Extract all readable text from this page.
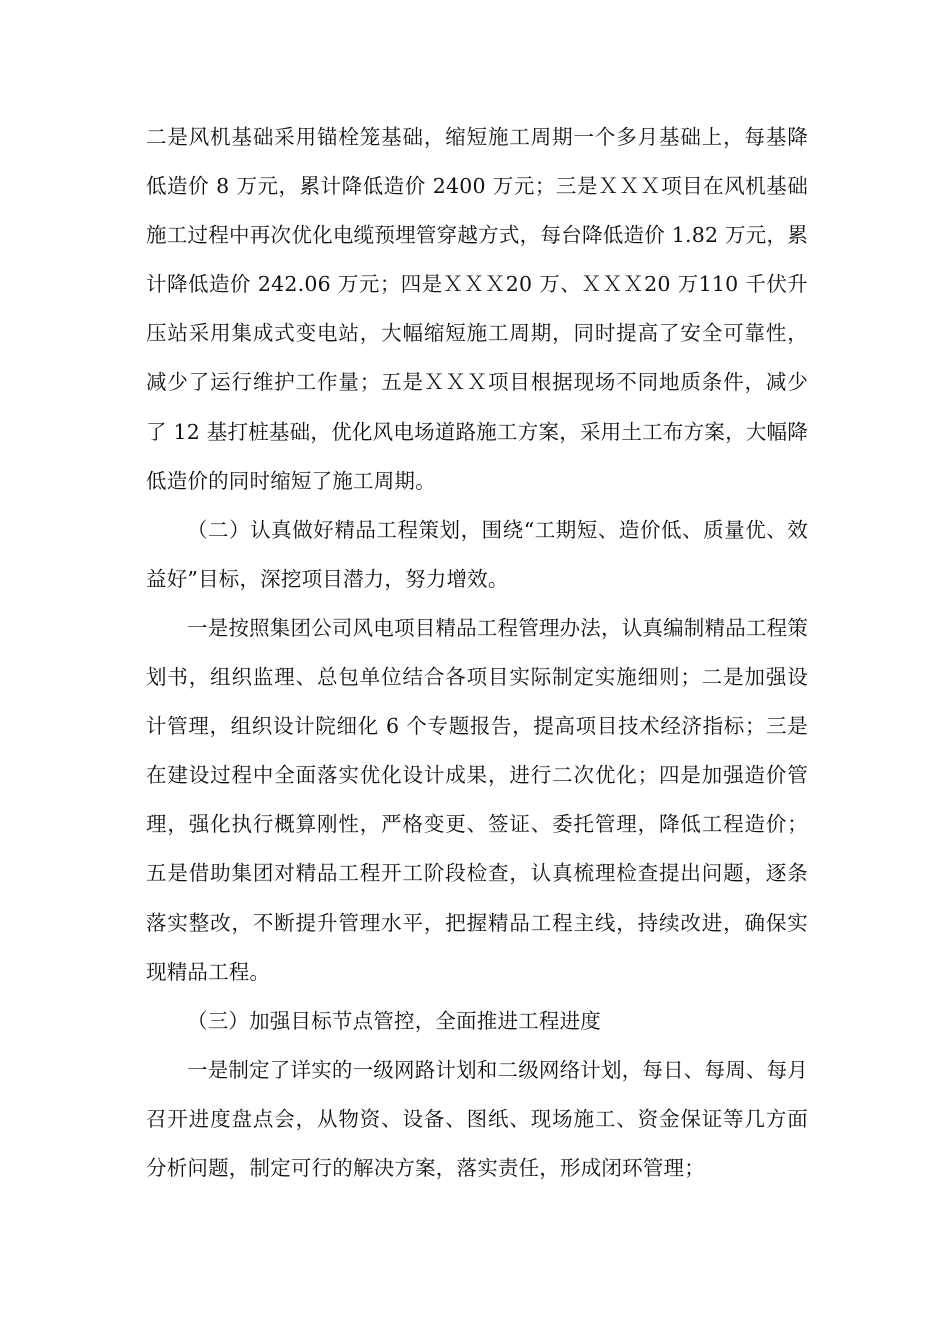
二是风机基础采用锚栓笼基础，缩短施工周期一个多月基础上，每基降低造价 8 万元，累计降低造价 2400 万元；三是ＸＸＸ项目在风机基础施工过程中再次优化电缆预埋管穿越方式，每台降低造价 1.82 万元，累计降低造价 242.06 万元；四是ＸＸＸ20 万、ＸＸＸ20 万110 千伏升压站采用集成式变电站，大幅缩短施工周期，同时提高了安全可靠性，减少了运行维护工作量；五是ＸＸＸ项目根据现场不同地质条件，减少了 12 基打桩基础，优化风电场道路施工方案，采用土工布方案，大幅降低造价的同时缩短了施工周期。

（二）认真做好精品工程策划，围绕“工期短、造价低、质量优、效益好”目标，深挖项目潜力，努力增效。

一是按照集团公司风电项目精品工程管理办法，认真编制精品工程策划书，组织监理、总包单位结合各项目实际制定实施细则；二是加强设计管理，组织设计院细化 6 个专题报告，提高项目技术经济指标；三是在建设过程中全面落实优化设计成果，进行二次优化；四是加强造价管理，强化执行概算刚性，严格变更、签证、委托管理，降低工程造价；五是借助集团对精品工程开工阶段检查，认真梳理检查提出问题，逐条落实整改，不断提升管理水平，把握精品工程主线，持续改进，确保实现精品工程。

（三）加强目标节点管控，全面推进工程进度

一是制定了详实的一级网路计划和二级网络计划，每日、每周、每月召开进度盘点会，从物资、设备、图纸、现场施工、资金保证等几方面分析问题，制定可行的解决方案，落实责任，形成闭环管理；
